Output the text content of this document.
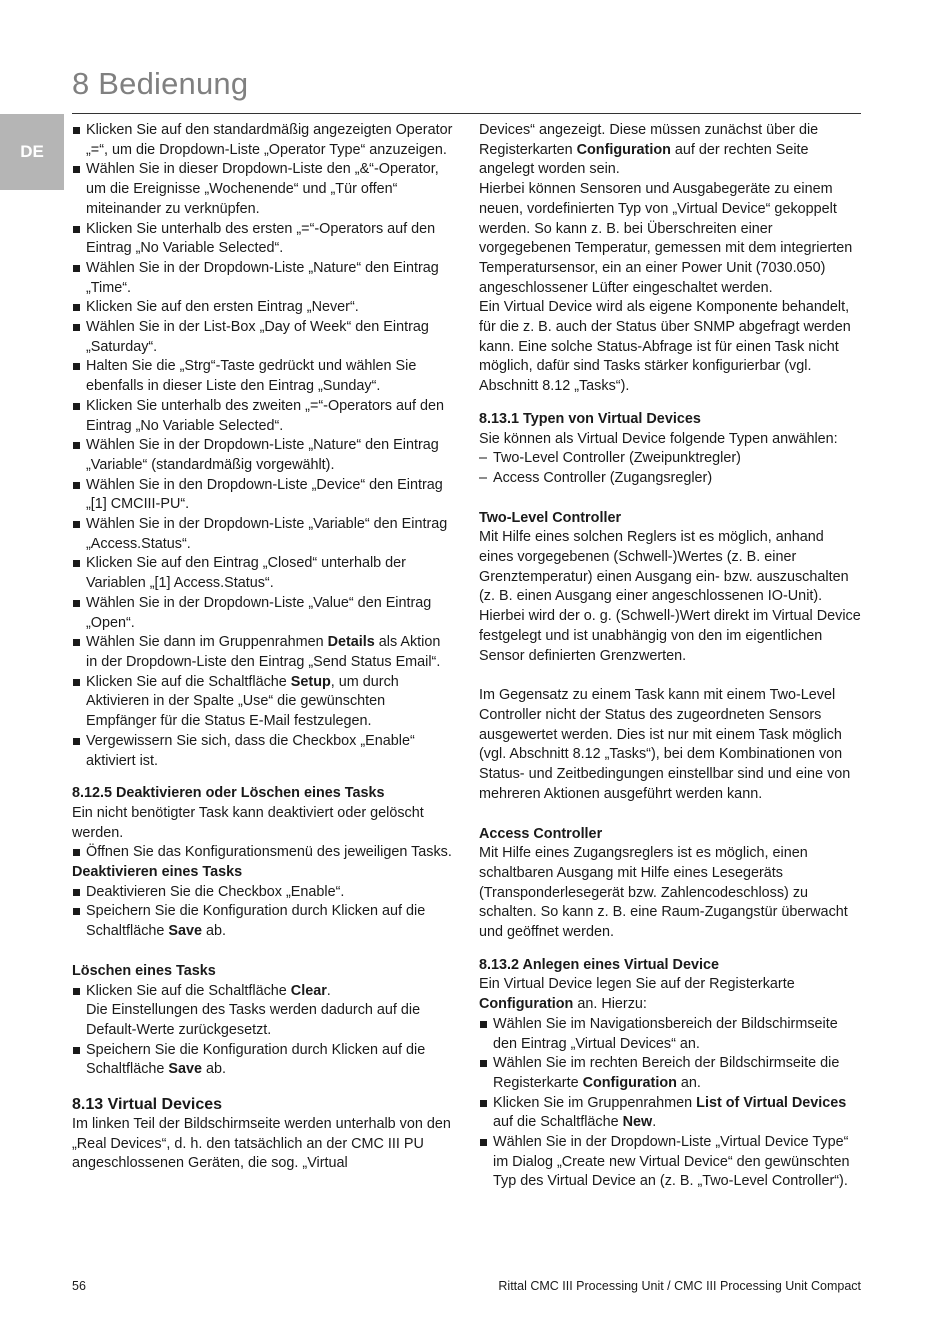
8 Bedienung
DE
Klicken Sie auf den standardmäßig angezeigten Operator „=“, um die Dropdown-Liste „Operator Type“ anzuzeigen.
Wählen Sie in dieser Dropdown-Liste den „&“-Operator, um die Ereignisse „Wochenende“ und „Tür offen“ miteinander zu verknüpfen.
Klicken Sie unterhalb des ersten „=“-Operators auf den Eintrag „No Variable Selected“.
Wählen Sie in der Dropdown-Liste „Nature“ den Eintrag „Time“.
Klicken Sie auf den ersten Eintrag „Never“.
Wählen Sie in der List-Box „Day of Week“ den Eintrag „Saturday“.
Halten Sie die „Strg“-Taste gedrückt und wählen Sie ebenfalls in dieser Liste den Eintrag „Sunday“.
Klicken Sie unterhalb des zweiten „=“-Operators auf den Eintrag „No Variable Selected“.
Wählen Sie in der Dropdown-Liste „Nature“ den Eintrag „Variable“ (standardmäßig vorgewählt).
Wählen Sie in den Dropdown-Liste „Device“ den Eintrag „[1] CMCIII-PU“.
Wählen Sie in der Dropdown-Liste „Variable“ den Eintrag „Access.Status“.
Klicken Sie auf den Eintrag „Closed“ unterhalb der Variablen „[1] Access.Status“.
Wählen Sie in der Dropdown-Liste „Value“ den Eintrag „Open“.
Wählen Sie dann im Gruppenrahmen Details als Aktion in der Dropdown-Liste den Eintrag „Send Status Email“.
Klicken Sie auf die Schaltfläche Setup, um durch Aktivieren in der Spalte „Use“ die gewünschten Empfänger für die Status E-Mail festzulegen.
Vergewissern Sie sich, dass die Checkbox „Enable“ aktiviert ist.
8.12.5 Deaktivieren oder Löschen eines Tasks

Ein nicht benötigter Task kann deaktiviert oder gelöscht werden.

Öffnen Sie das Konfigurationsmenü des jeweiligen Tasks.
Deaktivieren eines Tasks
Deaktivieren Sie die Checkbox „Enable“.
Speichern Sie die Konfiguration durch Klicken auf die Schaltfläche Save ab.
Löschen eines Tasks
Klicken Sie auf die Schaltfläche Clear.
Die Einstellungen des Tasks werden dadurch auf die Default-Werte zurückgesetzt.
Speichern Sie die Konfiguration durch Klicken auf die Schaltfläche Save ab.
8.13 Virtual Devices

Im linken Teil der Bildschirmseite werden unterhalb von den „Real Devices“, d. h. den tatsächlich an der CMC III PU angeschlossenen Geräten, die sog. „Virtual

Devices“ angezeigt. Diese müssen zunächst über die Registerkarten Configuration auf der rechten Seite angelegt worden sein.

Hierbei können Sensoren und Ausgabegeräte zu einem neuen, vordefinierten Typ von „Virtual Device“ gekoppelt werden. So kann z. B. bei Überschreiten einer vorgegebenen Temperatur, gemessen mit dem integrierten Temperatursensor, ein an einer Power Unit (7030.050) angeschlossener Lüfter eingeschaltet werden.

Ein Virtual Device wird als eigene Komponente behandelt, für die z. B. auch der Status über SNMP abgefragt werden kann. Eine solche Status-Abfrage ist für einen Task nicht möglich, dafür sind Tasks stärker konfigurierbar (vgl. Abschnitt 8.12 „Tasks“).

8.13.1 Typen von Virtual Devices

Sie können als Virtual Device folgende Typen anwählen:

– Two-Level Controller (Zweipunktregler)
– Access Controller (Zugangsregler)
Two-Level Controller

Mit Hilfe eines solchen Reglers ist es möglich, anhand eines vorgegebenen (Schwell-)Wertes (z. B. einer Grenztemperatur) einen Ausgang ein- bzw. auszuschalten (z. B. einen Ausgang einer angeschlossenen IO-Unit). Hierbei wird der o. g. (Schwell-)Wert direkt im Virtual Device festgelegt und ist unabhängig von den im eigentlichen Sensor definierten Grenzwerten.

Im Gegensatz zu einem Task kann mit einem Two-Level Controller nicht der Status des zugeordneten Sensors ausgewertet werden. Dies ist nur mit einem Task möglich (vgl. Abschnitt 8.12 „Tasks“), bei dem Kombinationen von Status- und Zeitbedingungen einstellbar sind und eine von mehreren Aktionen ausgeführt werden kann.

Access Controller

Mit Hilfe eines Zugangsreglers ist es möglich, einen schaltbaren Ausgang mit Hilfe eines Lesegeräts (Transponderlesegerät bzw. Zahlencodeschloss) zu schalten. So kann z. B. eine Raum-Zugangstür überwacht und geöffnet werden.

8.13.2 Anlegen eines Virtual Device

Ein Virtual Device legen Sie auf der Registerkarte Configuration an. Hierzu:

Wählen Sie im Navigationsbereich der Bildschirmseite den Eintrag „Virtual Devices“ an.
Wählen Sie im rechten Bereich der Bildschirmseite die Registerkarte Configuration an.
Klicken Sie im Gruppenrahmen List of Virtual Devices auf die Schaltfläche New.
Wählen Sie in der Dropdown-Liste „Virtual Device Type“ im Dialog „Create new Virtual Device“ den gewünschten Typ des Virtual Device an (z. B. „Two-Level Controller“).
56	Rittal CMC III Processing Unit / CMC III Processing Unit Compact
